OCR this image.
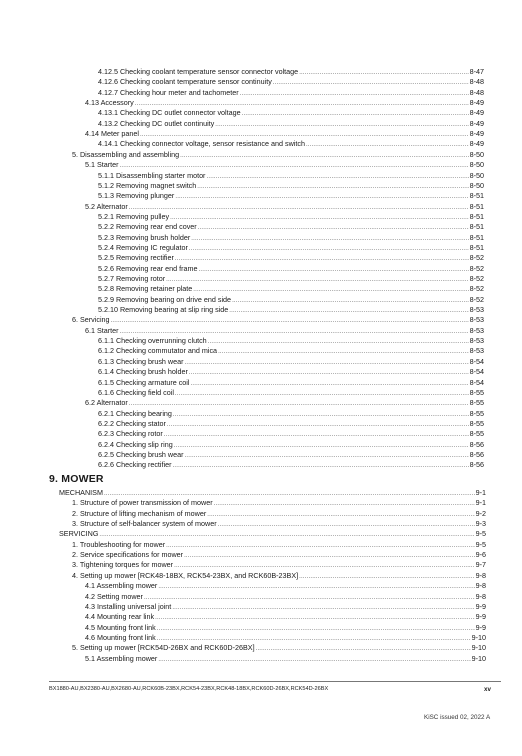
4.12.5 Checking coolant temperature sensor connector voltage .....	8-47
4.12.6 Checking coolant temperature sensor continuity .....	8-48
4.12.7 Checking hour meter and tachometer .....	8-48
4.13 Accessory .....	8-49
4.13.1 Checking DC outlet connector voltage .....	8-49
4.13.2 Checking DC outlet continuity .....	8-49
4.14 Meter panel .....	8-49
4.14.1 Checking connector voltage, sensor resistance and switch .....	8-49
5. Disassembling and assembling .....	8-50
5.1 Starter .....	8-50
5.1.1 Disassembling starter motor .....	8-50
5.1.2 Removing magnet switch .....	8-50
5.1.3 Removing plunger .....	8-51
5.2 Alternator .....	8-51
5.2.1 Removing pulley .....	8-51
5.2.2 Removing rear end cover .....	8-51
5.2.3 Removing brush holder .....	8-51
5.2.4 Removing IC regulator .....	8-51
5.2.5 Removing rectifier .....	8-52
5.2.6 Removing rear end frame .....	8-52
5.2.7 Removing rotor .....	8-52
5.2.8 Removing retainer plate .....	8-52
5.2.9 Removing bearing on drive end side .....	8-52
5.2.10 Removing bearing at slip ring side .....	8-53
6. Servicing .....	8-53
6.1 Starter .....	8-53
6.1.1 Checking overrunning clutch .....	8-53
6.1.2 Checking commutator and mica .....	8-53
6.1.3 Checking brush wear .....	8-54
6.1.4 Checking brush holder .....	8-54
6.1.5 Checking armature coil .....	8-54
6.1.6 Checking field coil .....	8-55
6.2 Alternator .....	8-55
6.2.1 Checking bearing .....	8-55
6.2.2 Checking stator .....	8-55
6.2.3 Checking rotor .....	8-55
6.2.4 Checking slip ring .....	8-56
6.2.5 Checking brush wear .....	8-56
6.2.6 Checking rectifier .....	8-56
MECHANISM .....	9-1
1. Structure of power transmission of mower .....	9-1
2. Structure of lifting mechanism of mower .....	9-2
3. Structure of self-balancer system of mower .....	9-3
SERVICING .....	9-5
1. Troubleshooting for mower .....	9-5
2. Service specifications for mower .....	9-6
3. Tightening torques for mower .....	9-7
4. Setting up mower [RCK48-18BX, RCK54-23BX, and RCK60B-23BX] .....	9-8
4.1 Assembling mower .....	9-8
4.2 Setting mower .....	9-8
4.3 Installing universal joint .....	9-9
4.4 Mounting rear link .....	9-9
4.5 Mounting front link .....	9-9
4.6 Mounting front link .....	9-10
5. Setting up mower [RCK54D-26BX and RCK60D-26BX] .....	9-10
5.1 Assembling mower .....	9-10
9. MOWER
BX1880-AU,BX2380-AU,BX2680-AU,RCK60B-23BX,RCK54-23BX,RCK48-18BX,RCK60D-26BX,RCK54D-26BX	xv
KiSC issued 02, 2022 A
